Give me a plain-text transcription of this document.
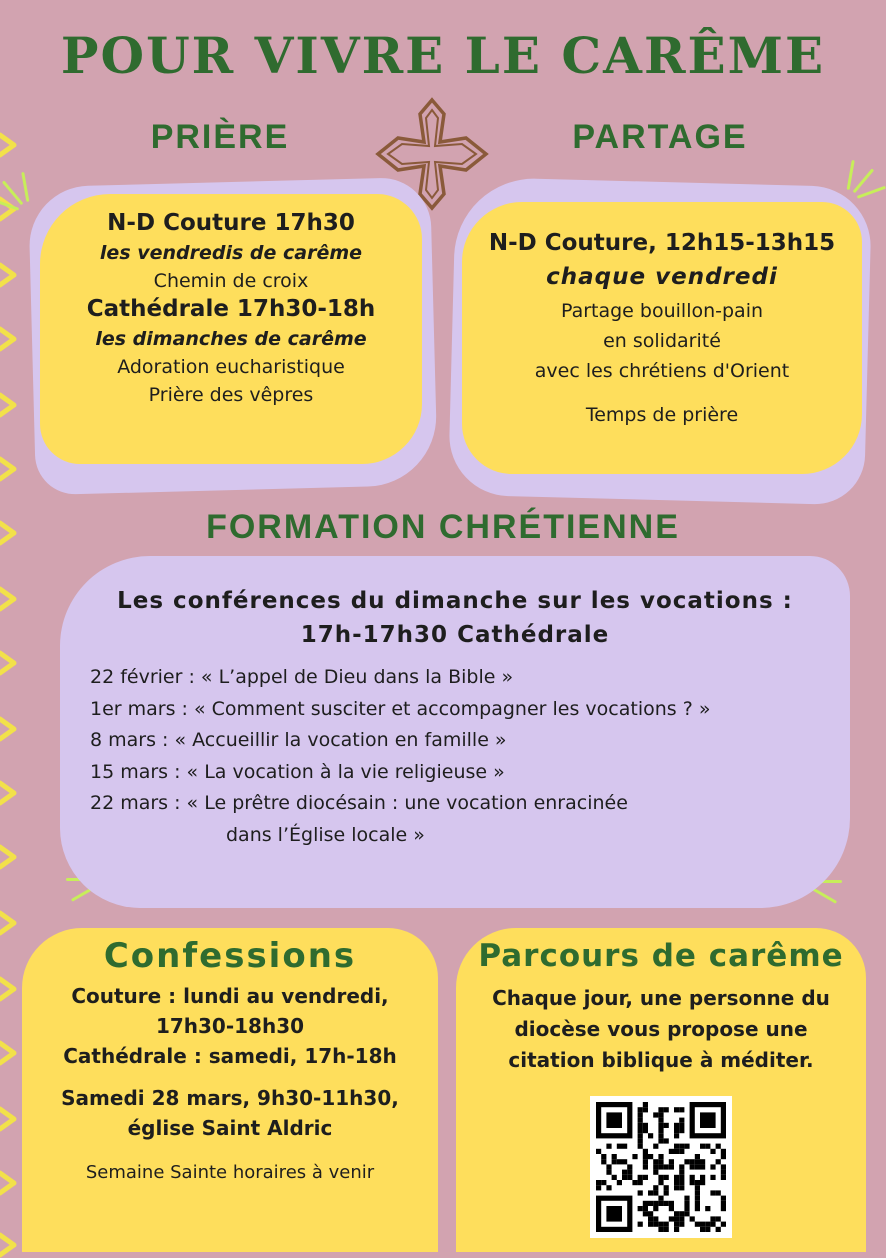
POUR VIVRE LE CARÊME
PRIÈRE	PARTAGE
N-D Couture 17h30
les vendredis de carême
Chemin de croix
Cathédrale 17h30-18h
les dimanches de carême
Adoration eucharistique
Prière des vêpres
N-D Couture, 12h15-13h15
chaque vendredi
Partage bouillon-pain
en solidarité
avec les chrétiens d'Orient
Temps de prière
FORMATION CHRÉTIENNE
Les conférences du dimanche sur les vocations :
17h-17h30 Cathédrale
22 février : « L’appel de Dieu dans la Bible »
1er mars : « Comment susciter et accompagner les vocations ? »
8 mars : « Accueillir la vocation en famille »
15 mars : « La vocation à la vie religieuse »
22 mars : « Le prêtre diocésain : une vocation enracinée
dans l’Église locale »
Confessions
Couture : lundi au vendredi,
17h30-18h30
Cathédrale : samedi, 17h-18h
Samedi 28 mars, 9h30-11h30,
église Saint Aldric
Semaine Sainte horaires à venir
Parcours de carême
Chaque jour, une personne du
diocèse vous propose une
citation biblique à méditer.
